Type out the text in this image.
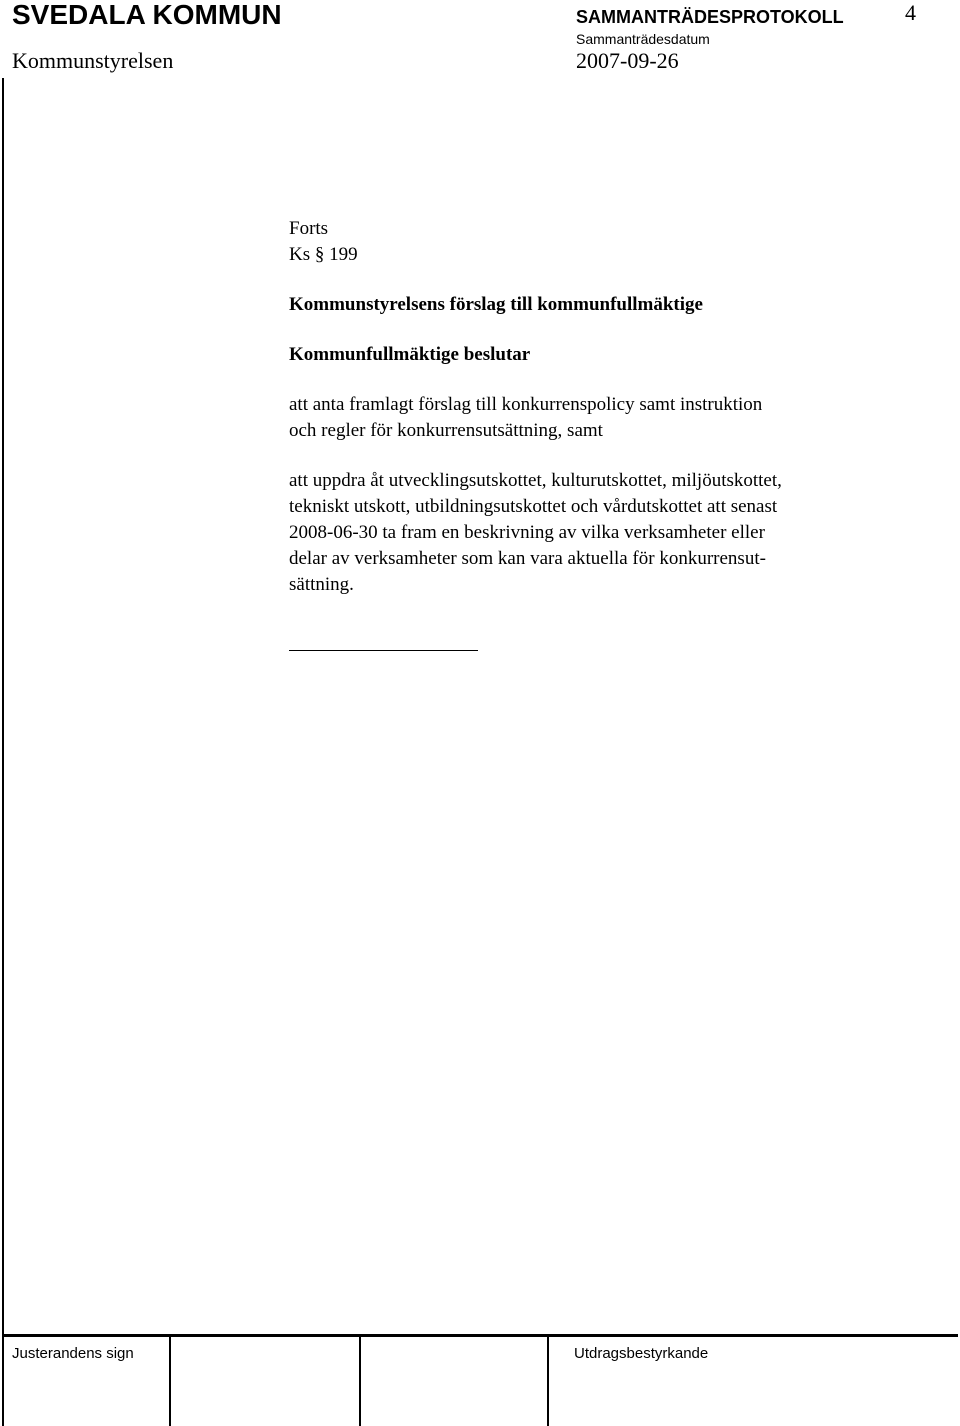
SVEDALA KOMMUN	SAMMANTRÄDESPROTOKOLL	4
Kommunstyrelsen
Sammanträdesdatum
2007-09-26

Forts

Ks § 199

Kommunstyrelsens förslag till kommunfullmäktige

Kommunfullmäktige beslutar

att anta framlagt förslag till konkurrenspolicy samt instruktion

och regler för konkurrensutsättning, samt

att uppdra åt utvecklingsutskottet, kulturutskottet, miljöutskottet,

tekniskt utskott, utbildningsutskottet och vårdutskottet att senast

2008-06-30 ta fram en beskrivning av vilka verksamheter eller

delar av verksamheter som kan vara aktuella för konkurrensut-

sättning.

Justerandens sign	Utdragsbestyrkande
